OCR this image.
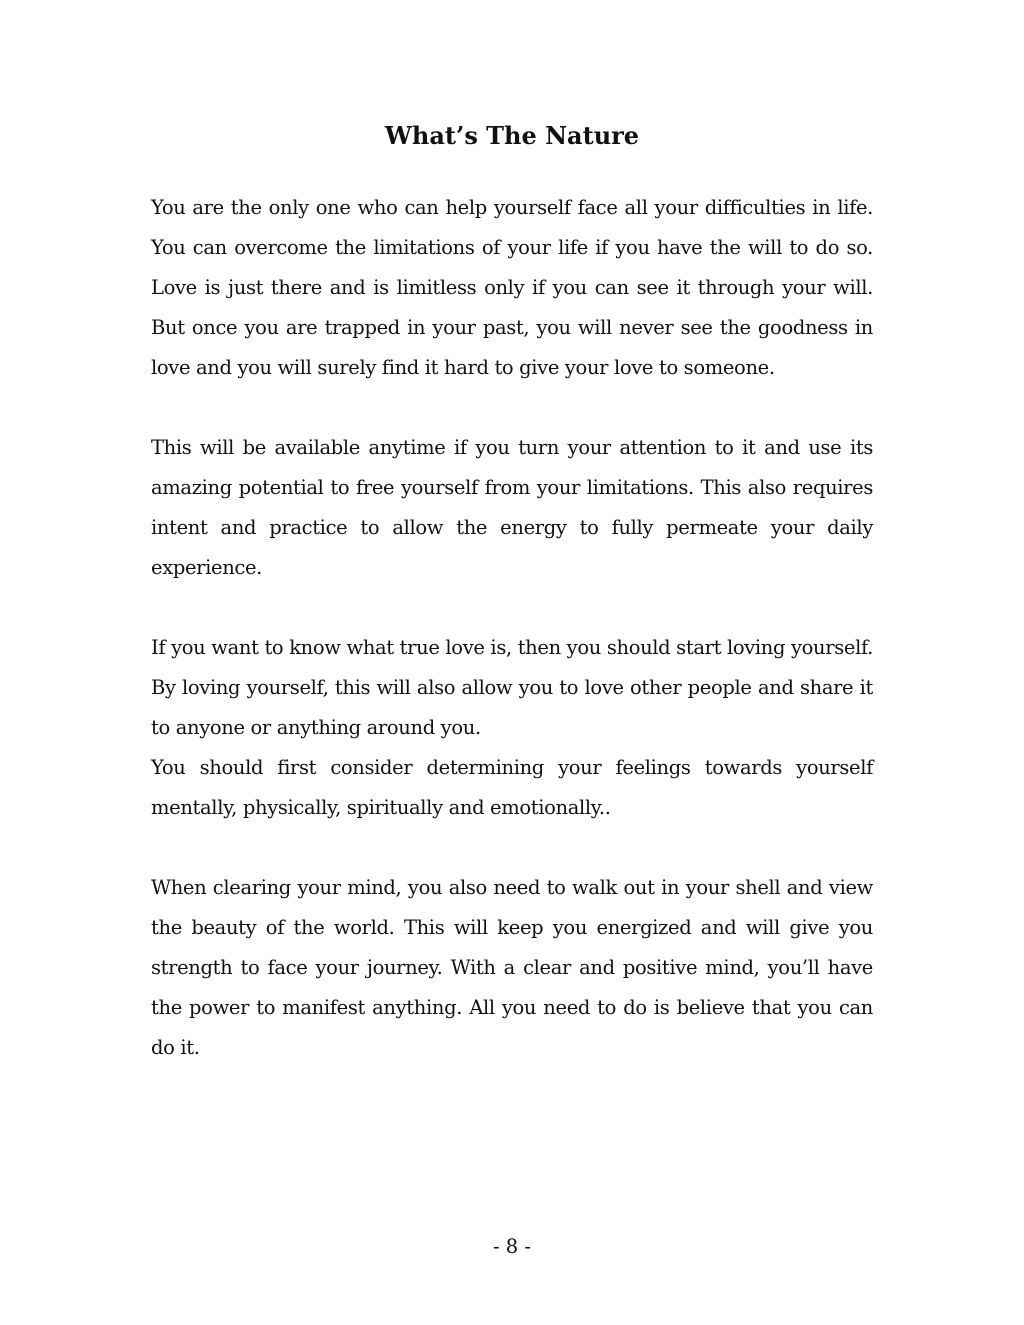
What’s The Nature

You are the only one who can help yourself face all your difficulties in life. You can overcome the limitations of your life if you have the will to do so. Love is just there and is limitless only if you can see it through your will. But once you are trapped in your past, you will never see the goodness in love and you will surely find it hard to give your love to someone.

This will be available anytime if you turn your attention to it and use its amazing potential to free yourself from your limitations. This also requires intent and practice to allow the energy to fully permeate your daily experience.

If you want to know what true love is, then you should start loving yourself. By loving yourself, this will also allow you to love other people and share it to anyone or anything around you.

You should first consider determining your feelings towards yourself mentally, physically, spiritually and emotionally..

When clearing your mind, you also need to walk out in your shell and view the beauty of the world. This will keep you energized and will give you strength to face your journey. With a clear and positive mind, you’ll have the power to manifest anything. All you need to do is believe that you can do it.

- 8 -
